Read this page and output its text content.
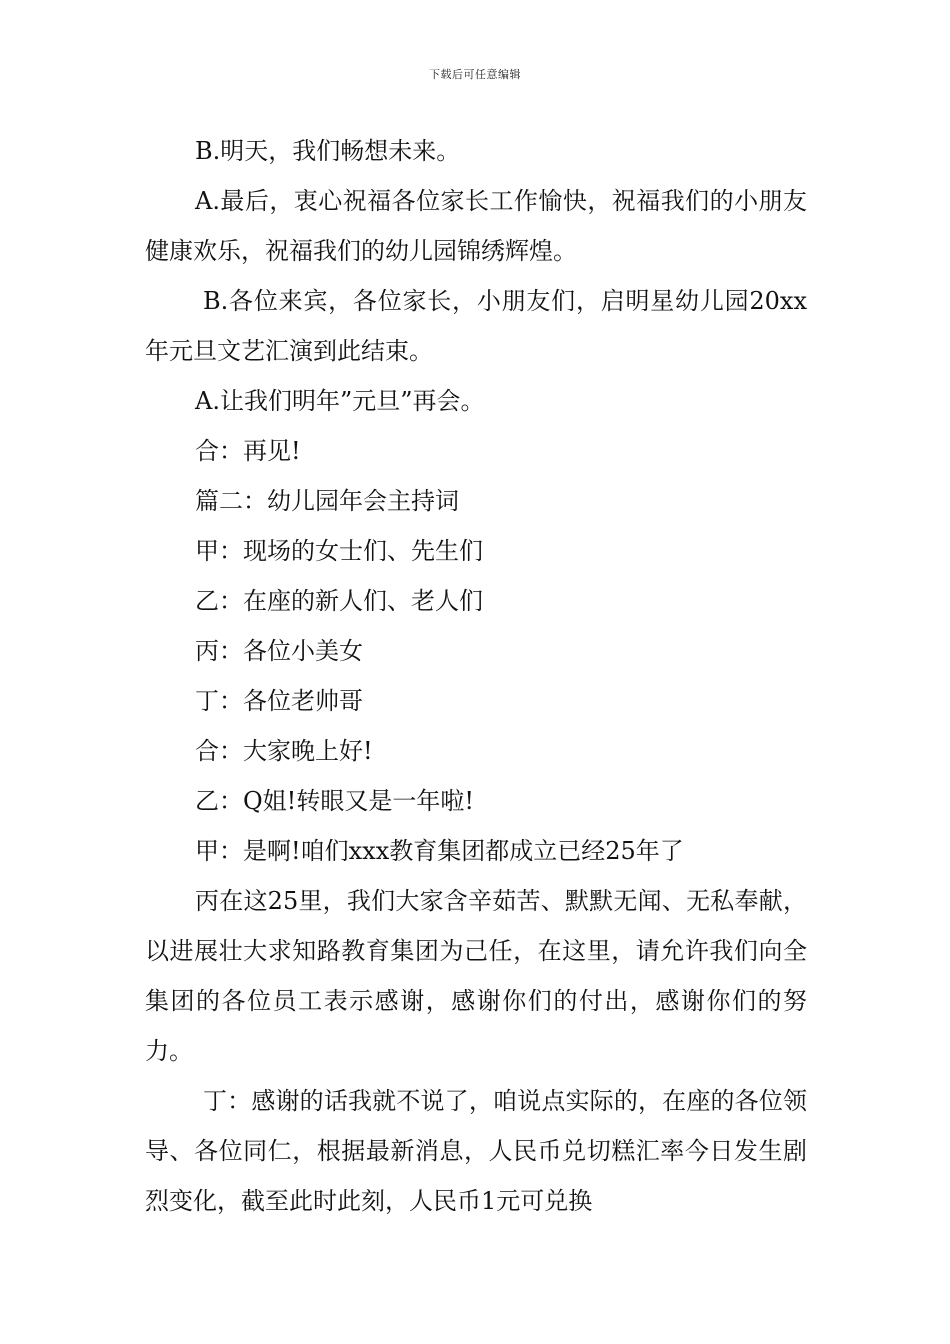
下载后可任意编辑

B.明天，我们畅想未来。

A.最后，衷心祝福各位家长工作愉快，祝福我们的小朋友健康欢乐，祝福我们的幼儿园锦绣辉煌。

B.各位来宾，各位家长，小朋友们，启明星幼儿园20xx年元旦文艺汇演到此结束。

A.让我们明年”元旦”再会。

合：再见!

篇二：幼儿园年会主持词

甲：现场的女士们、先生们

乙：在座的新人们、老人们

丙：各位小美女

丁：各位老帅哥

合：大家晚上好!

乙：Q姐!转眼又是一年啦!

甲：是啊!咱们xxx教育集团都成立已经25年了

丙在这25里，我们大家含辛茹苦、默默无闻、无私奉献，以进展壮大求知路教育集团为己任，在这里，请允许我们向全集团的各位员工表示感谢，感谢你们的付出，感谢你们的努力。

丁：感谢的话我就不说了，咱说点实际的，在座的各位领导、各位同仁，根据最新消息，人民币兑切糕汇率今日发生剧烈变化，截至此时此刻，人民币1元可兑换
